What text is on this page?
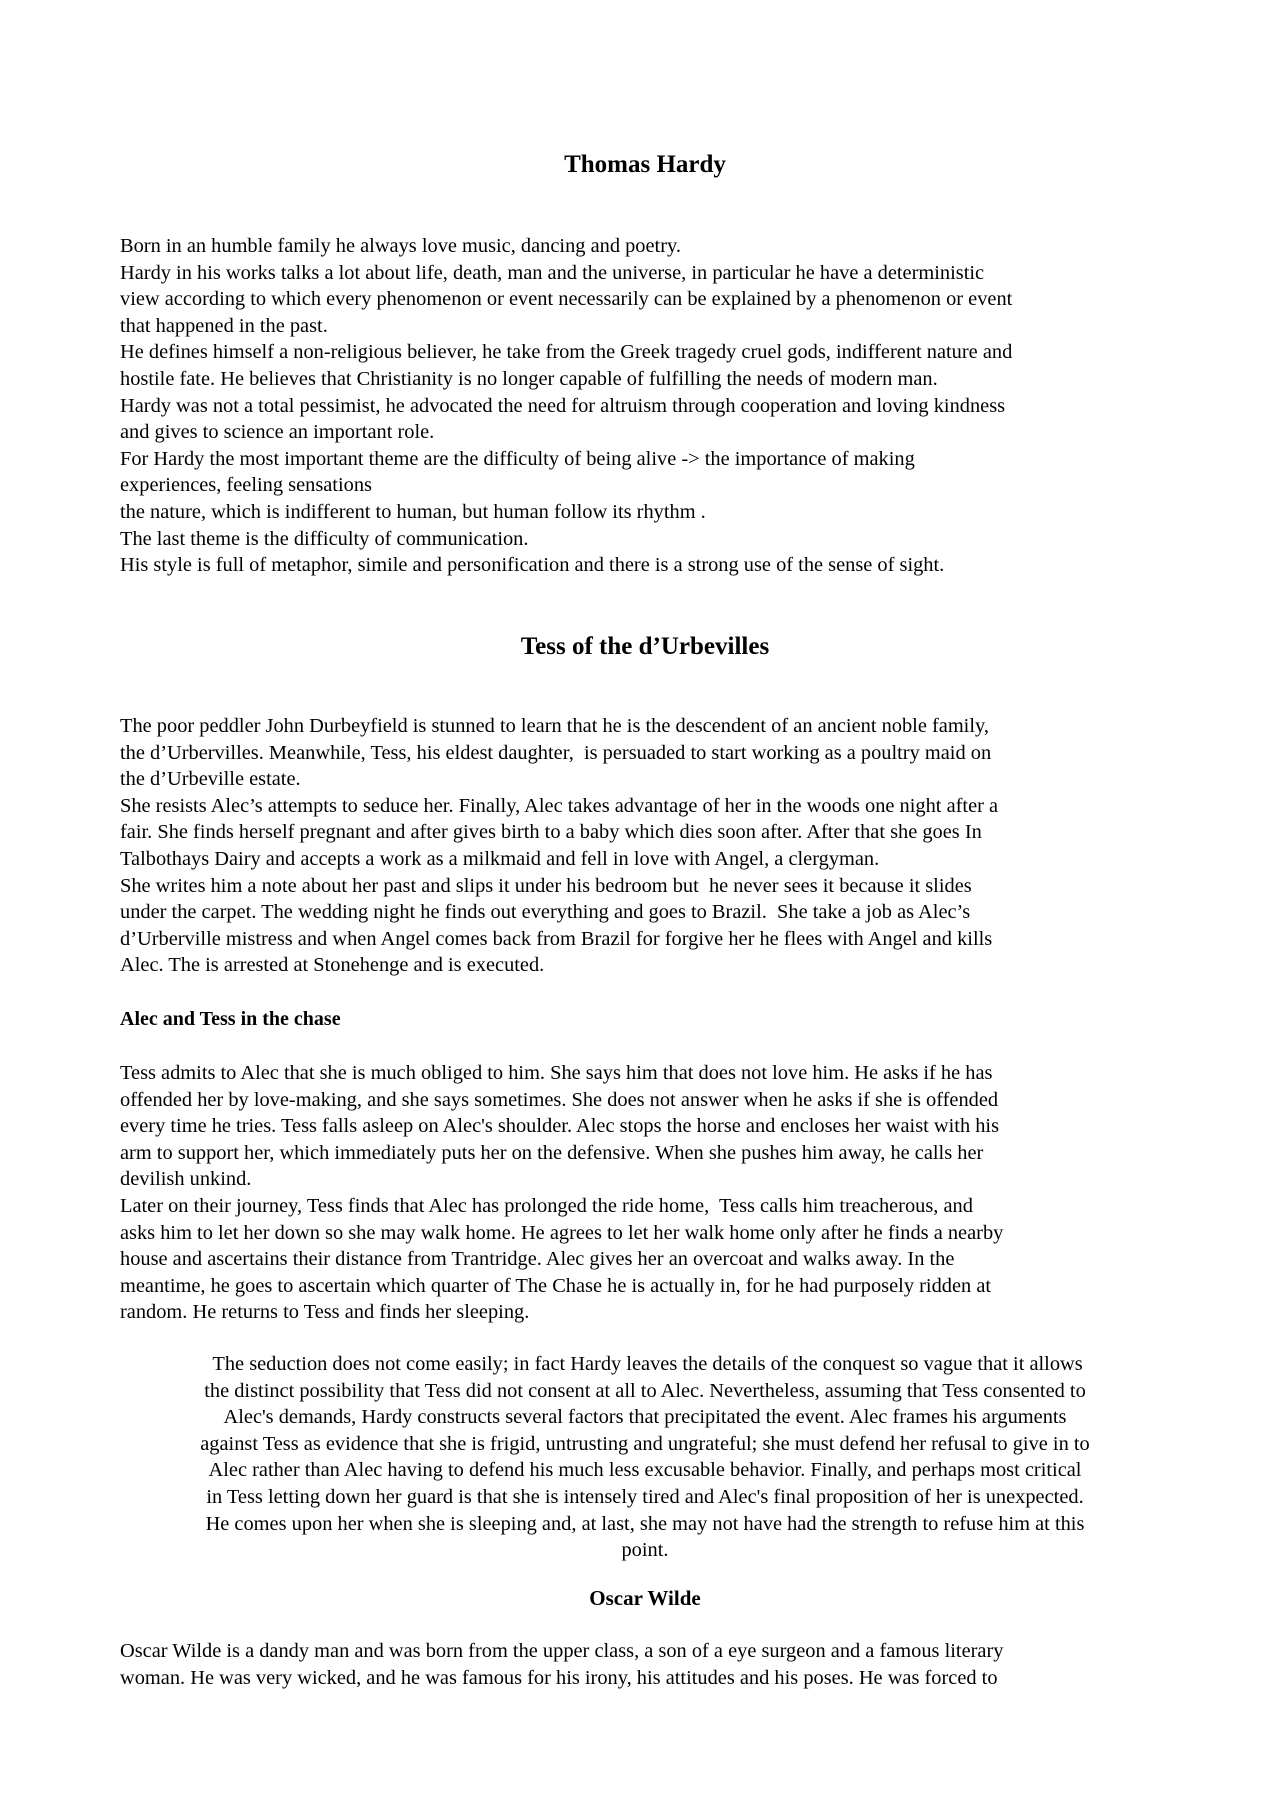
Thomas Hardy

Born in an humble family he always love music, dancing and poetry.

Hardy in his works talks a lot about life, death, man and the universe, in particular he have a deterministic

view according to which every phenomenon or event necessarily can be explained by a phenomenon or event

that happened in the past.

He defines himself a non-religious believer, he take from the Greek tragedy cruel gods, indifferent nature and

hostile fate. He believes that Christianity is no longer capable of fulfilling the needs of modern man.

Hardy was not a total pessimist, he advocated the need for altruism through cooperation and loving kindness

and gives to science an important role.

For Hardy the most important theme are the difficulty of being alive -> the importance of making

experiences, feeling sensations

the nature, which is indifferent to human, but human follow its rhythm .

The last theme is the difficulty of communication.

His style is full of metaphor, simile and personification and there is a strong use of the sense of sight.

Tess of the d’Urbevilles

The poor peddler John Durbeyfield is stunned to learn that he is the descendent of an ancient noble family,

the d’Urbervilles. Meanwhile, Tess, his eldest daughter,  is persuaded to start working as a poultry maid on

the d’Urbeville estate.

She resists Alec’s attempts to seduce her. Finally, Alec takes advantage of her in the woods one night after a

fair. She finds herself pregnant and after gives birth to a baby which dies soon after. After that she goes In

Talbothays Dairy and accepts a work as a milkmaid and fell in love with Angel, a clergyman.

She writes him a note about her past and slips it under his bedroom but  he never sees it because it slides

under the carpet. The wedding night he finds out everything and goes to Brazil.  She take a job as Alec’s

d’Urberville mistress and when Angel comes back from Brazil for forgive her he flees with Angel and kills

Alec. The is arrested at Stonehenge and is executed.

Alec and Tess in the chase

Tess admits to Alec that she is much obliged to him. She says him that does not love him. He asks if he has

offended her by love-making, and she says sometimes. She does not answer when he asks if she is offended

every time he tries. Tess falls asleep on Alec's shoulder. Alec stops the horse and encloses her waist with his

arm to support her, which immediately puts her on the defensive. When she pushes him away, he calls her

devilish unkind.

Later on their journey, Tess finds that Alec has prolonged the ride home,  Tess calls him treacherous, and

asks him to let her down so she may walk home. He agrees to let her walk home only after he finds a nearby

house and ascertains their distance from Trantridge. Alec gives her an overcoat and walks away. In the

meantime, he goes to ascertain which quarter of The Chase he is actually in, for he had purposely ridden at

random. He returns to Tess and finds her sleeping.

The seduction does not come easily; in fact Hardy leaves the details of the conquest so vague that it allows

the distinct possibility that Tess did not consent at all to Alec. Nevertheless, assuming that Tess consented to

Alec's demands, Hardy constructs several factors that precipitated the event. Alec frames his arguments

against Tess as evidence that she is frigid, untrusting and ungrateful; she must defend her refusal to give in to

Alec rather than Alec having to defend his much less excusable behavior. Finally, and perhaps most critical

in Tess letting down her guard is that she is intensely tired and Alec's final proposition of her is unexpected.

He comes upon her when she is sleeping and, at last, she may not have had the strength to refuse him at this

point.

Oscar Wilde

Oscar Wilde is a dandy man and was born from the upper class, a son of a eye surgeon and a famous literary

woman. He was very wicked, and he was famous for his irony, his attitudes and his poses. He was forced to
